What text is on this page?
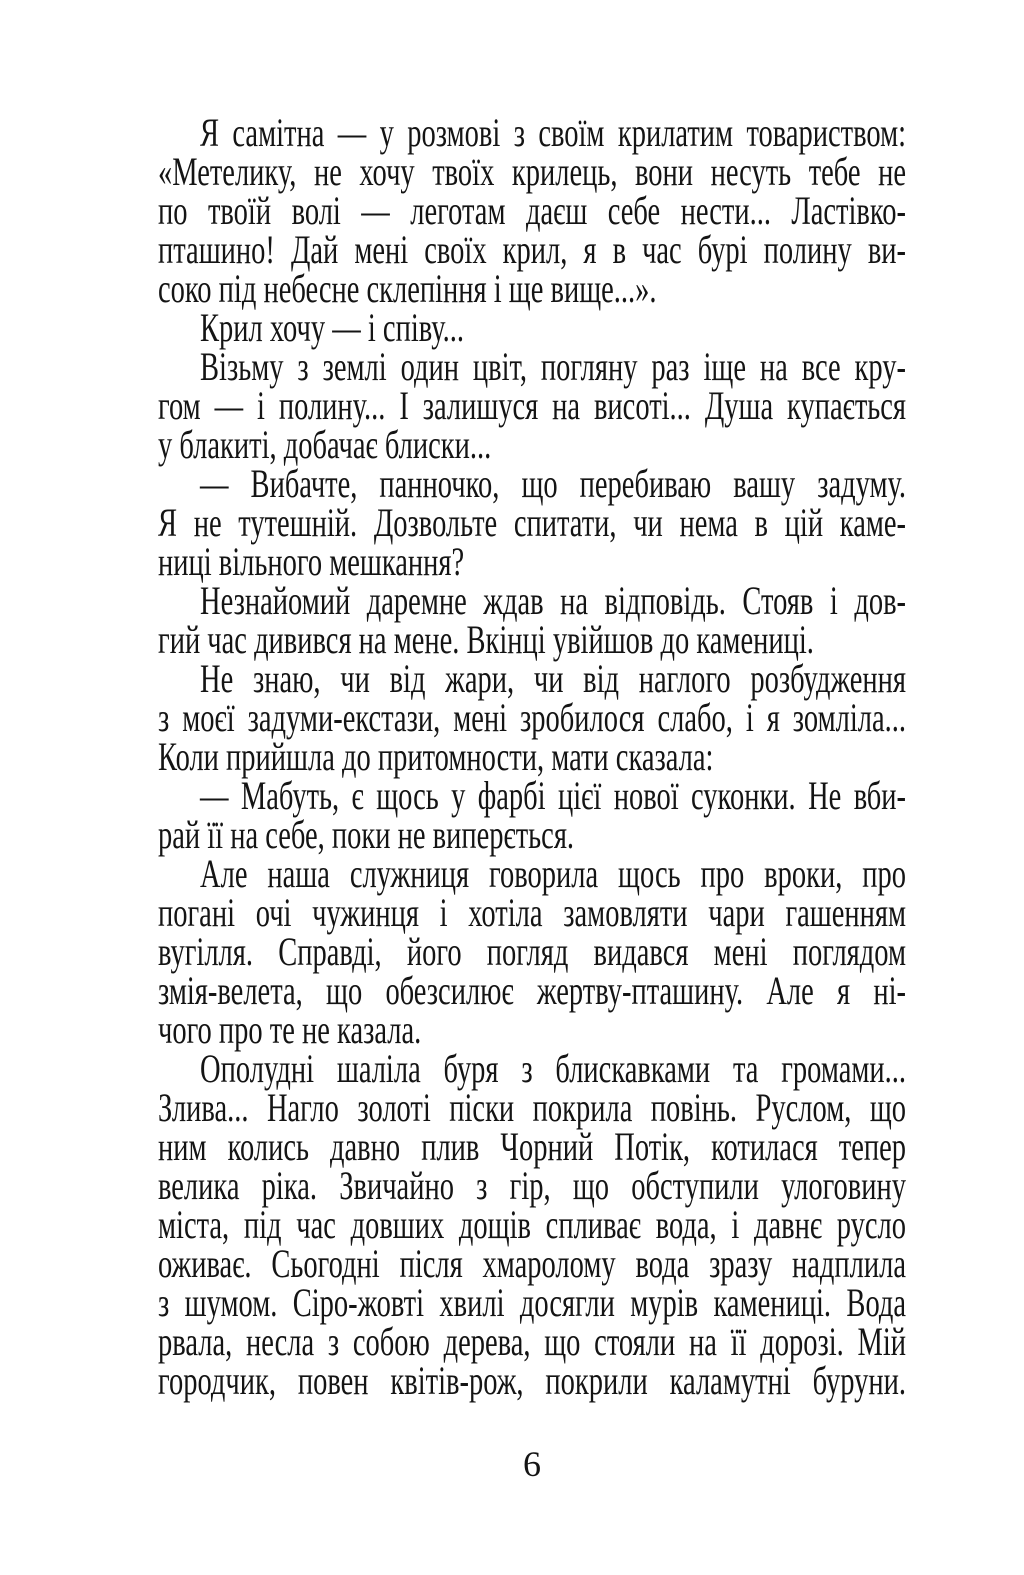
Я самітна — у розмові з своїм крилатим товариством:
«Метелику, не хочу твоїх крилець, вони несуть тебе не
по твоїй волі — леготам даєш себе нести... Ластівко-
пташино! Дай мені своїх крил, я в час бурі полину ви-
соко під небесне склепіння і ще вище...».
Крил хочу — і співу...
Візьму з землі один цвіт, погляну раз іще на все кру-
гом — і полину... І залишуся на висоті... Душа купається
у блакиті, добачає блиски...
— Вибачте, панночко, що перебиваю вашу задуму.
Я не тутешній. Дозвольте спитати, чи нема в цій каме-
ниці вільного мешкання?
Незнайомий даремне ждав на відповідь. Стояв і дов-
гий час дивився на мене. Вкінці увійшов до камениці.
Не знаю, чи від жари, чи від наглого розбудження
з моєї задуми-екстази, мені зробилося слабо, і я зомліла...
Коли прийшла до притомности, мати сказала:
— Мабуть, є щось у фарбі цієї нової суконки. Не вби-
рай її на себе, поки не виперється.
Але наша служниця говорила щось про вроки, про
погані очі чужинця і хотіла замовляти чари гашенням
вугілля. Справді, його погляд видався мені поглядом
змія-велета, що обезсилює жертву-пташину. Але я ні-
чого про те не казала.
Ополудні шаліла буря з блискавками та громами...
Злива... Нагло золоті піски покрила повінь. Руслом, що
ним колись давно плив Чорний Потік, котилася тепер
велика ріка. Звичайно з гір, що обступили улоговину
міста, під час довших дощів спливає вода, і давнє русло
оживає. Сьогодні після хмаролому вода зразу надплила
з шумом. Сіро-жовті хвилі досягли мурів камениці. Вода
рвала, несла з собою дерева, що стояли на її дорозі. Мій
городчик, повен квітів-рож, покрили каламутні буруни.
6
